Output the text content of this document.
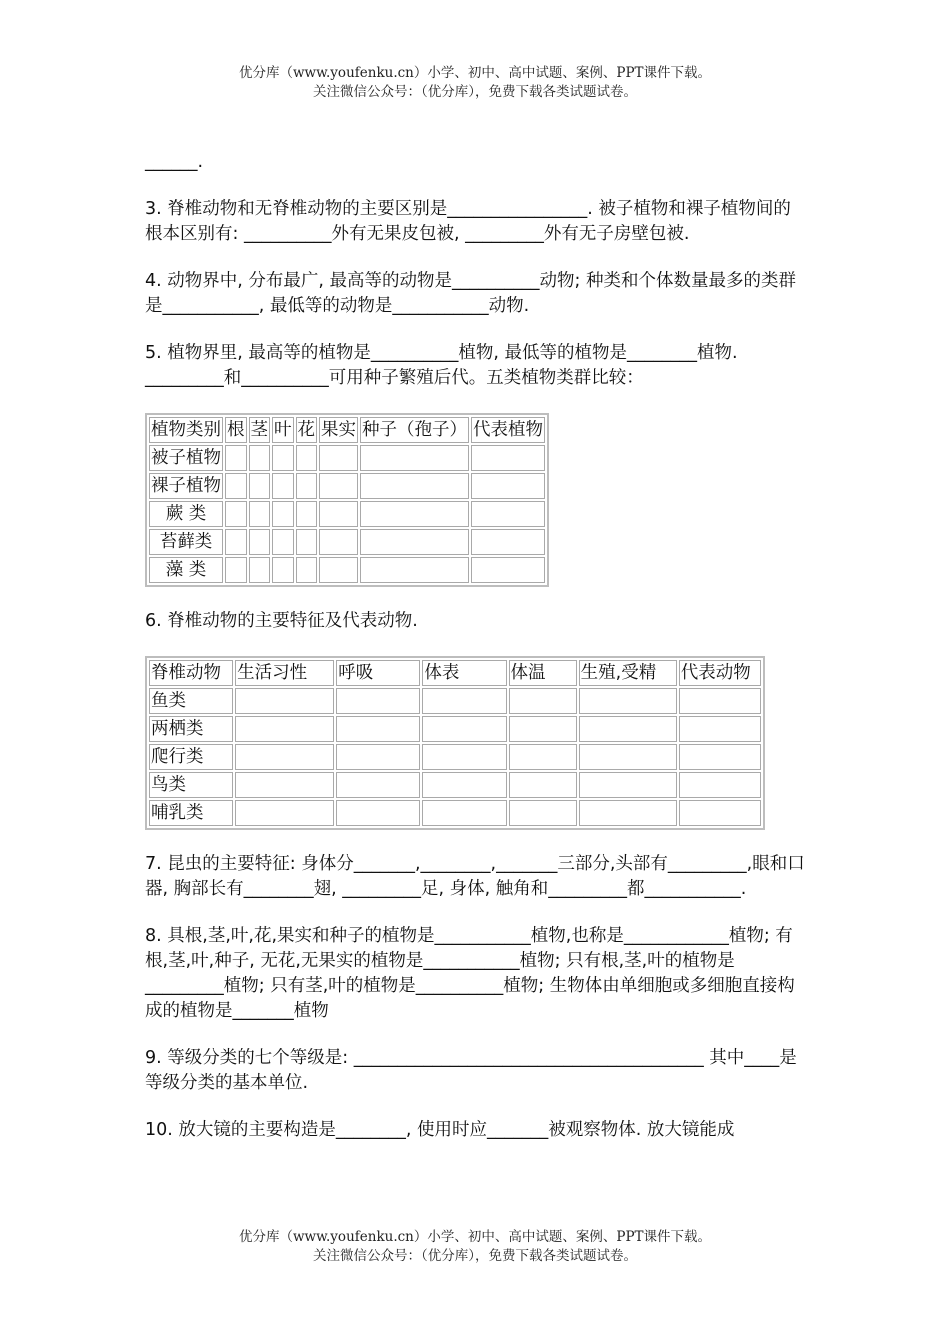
优分库（www.youfenku.cn）小学、初中、高中试题、案例、PPT课件下载。
关注微信公众号：（优分库），免费下载各类试题试卷。

______.

3. 脊椎动物和无脊椎动物的主要区别是________________. 被子植物和裸子植物间的根本区别有: __________外有无果皮包被, _________外有无子房壁包被.

4. 动物界中, 分布最广, 最高等的动物是__________动物; 种类和个体数量最多的类群是___________, 最低等的动物是___________动物.

5. 植物界里, 最高等的植物是__________植物, 最低等的植物是________植物. _________和__________可用种子繁殖后代。五类植物类群比较：

植物类别	根	茎	叶	花	果实	种子（孢子）	代表植物
被子植物							
裸子植物							
蕨 类							
苔藓类							
藻 类							

6. 脊椎动物的主要特征及代表动物.

脊椎动物	生活习性	呼吸	体表	体温	生殖,受精	代表动物
鱼类						
两栖类						
爬行类						
鸟类						
哺乳类						

7. 昆虫的主要特征: 身体分_______,________,_______三部分,头部有_________,眼和口器, 胸部长有________翅, _________足, 身体, 触角和_________都___________.

8. 具根,茎,叶,花,果实和种子的植物是___________植物,也称是____________植物; 有根,茎,叶,种子, 无花,无果实的植物是___________植物; 只有根,茎,叶的植物是_________植物; 只有茎,叶的植物是__________植物; 生物体由单细胞或多细胞直接构成的植物是_______植物

9. 等级分类的七个等级是: ________________________________________ 其中____是等级分类的基本单位.

10. 放大镜的主要构造是________, 使用时应_______被观察物体. 放大镜能成

优分库（www.youfenku.cn）小学、初中、高中试题、案例、PPT课件下载。
关注微信公众号：（优分库），免费下载各类试题试卷。
